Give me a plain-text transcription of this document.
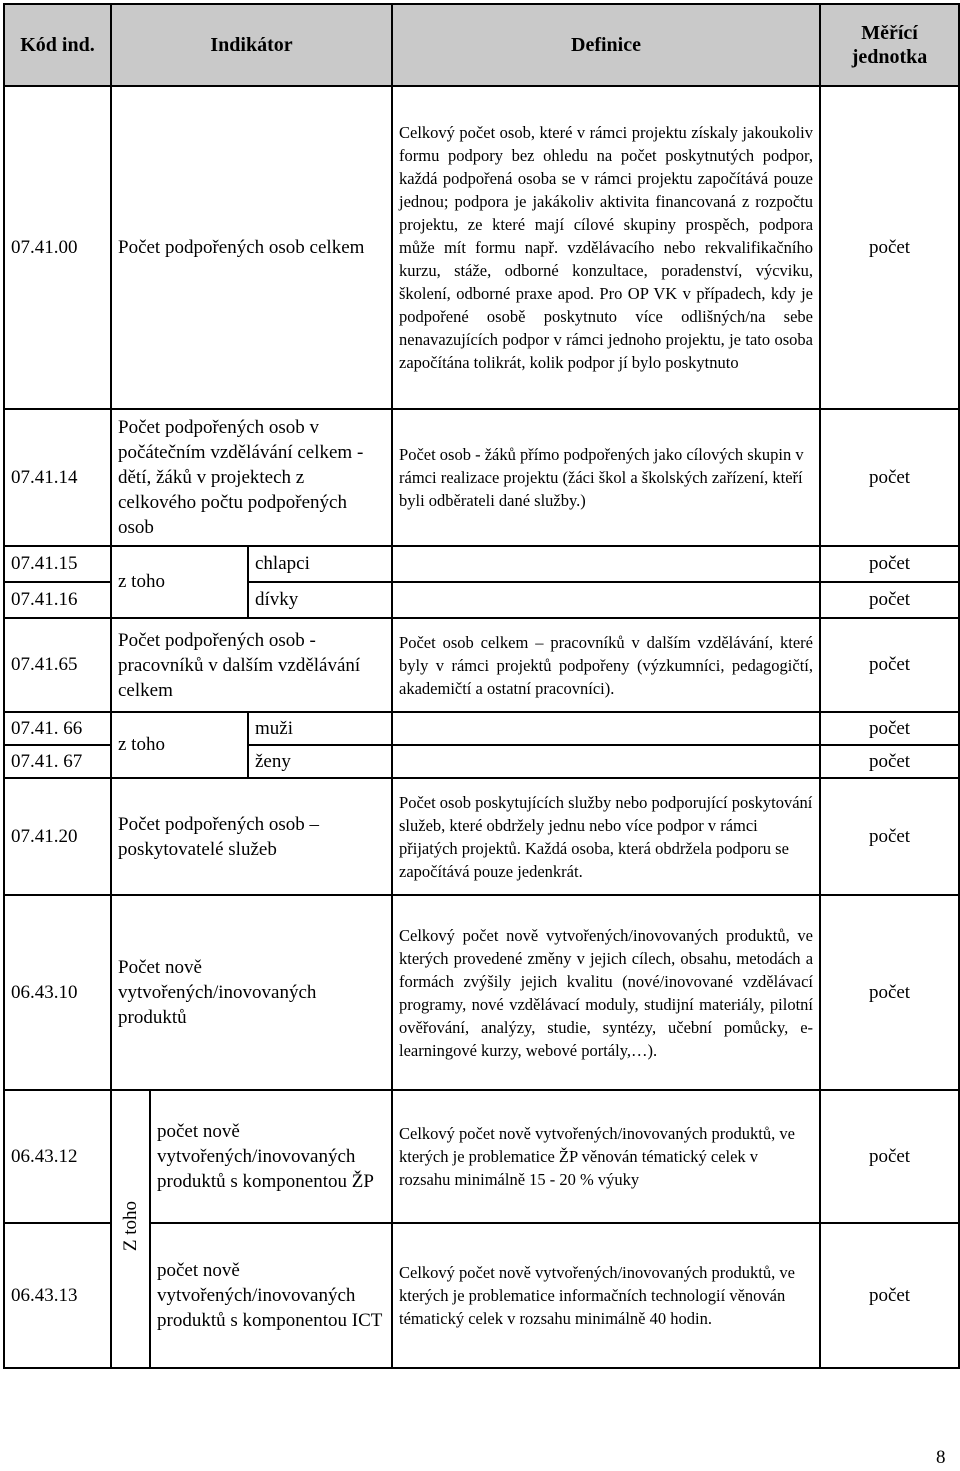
Kód ind.	Indikátor			Definice	Měřící jednotka
07.41.00	Počet podpořených osob celkem			Celkový počet osob, které v rámci projektu získaly jakoukoliv formu podpory bez ohledu na počet poskytnutých podpor, každá podpořená osoba se v rámci projektu započítává pouze jednou; podpora je jakákoliv aktivita financovaná z rozpočtu projektu, ze které mají cílové skupiny prospěch, podpora může mít formu např. vzdělávacího nebo rekvalifikačního kurzu, stáže, odborné konzultace, poradenství, výcviku, školení, odborné praxe apod. Pro OP VK v případech, kdy je podpořené osobě poskytnuto více odlišných/na sebe nenavazujících podpor v rámci jednoho projektu, je tato osoba započítána tolikrát, kolik podpor jí bylo poskytnuto	počet
07.41.14	Počet podpořených osob v počátečním vzdělávání celkem - dětí, žáků v projektech z celkového počtu podpořených osob			Počet osob - žáků přímo podpořených jako cílových skupin v rámci realizace projektu (žáci škol a školských zařízení, kteří byli odběrateli dané služby.)	počet
07.41.15	z toho		chlapci		počet
07.41.16			dívky		počet
07.41.65	Počet podpořených osob - pracovníků v dalším vzdělávání celkem			Počet osob celkem – pracovníků v dalším vzdělávání, které byly v rámci projektů podpořeny (výzkumníci, pedagogičtí, akademičtí a ostatní pracovníci).	počet
07.41. 66	z toho		muži		počet
07.41. 67			ženy		počet
07.41.20	Počet podpořených osob – poskytovatelé služeb			Počet osob poskytujících služby nebo podporující poskytování služeb, které obdržely jednu nebo více podpor v rámci přijatých projektů. Každá osoba, která obdržela podporu se započítává pouze jedenkrát.	počet
06.43.10	Počet nově vytvořených/inovovaných produktů			Celkový počet nově vytvořených/inovovaných produktů, ve kterých provedené změny v jejich cílech, obsahu, metodách a formách zvýšily jejich kvalitu (nové/inovované vzdělávací programy, nové vzdělávací moduly, studijní materiály, pilotní ověřování, analýzy, studie, syntézy, učební pomůcky, e-learningové kurzy, webové portály,…).	počet
06.43.12	Z toho	počet nově vytvořených/inovovaných produktů s komponentou ŽP		Celkový počet nově vytvořených/inovovaných produktů, ve kterých je problematice ŽP věnován tématický celek v rozsahu minimálně 15 - 20 % výuky	počet
06.43.13		počet nově vytvořených/inovovaných produktů s komponentou ICT		Celkový počet nově vytvořených/inovovaných produktů, ve kterých je problematice informačních technologií věnován tématický celek v rozsahu minimálně 40 hodin.	počet
8
